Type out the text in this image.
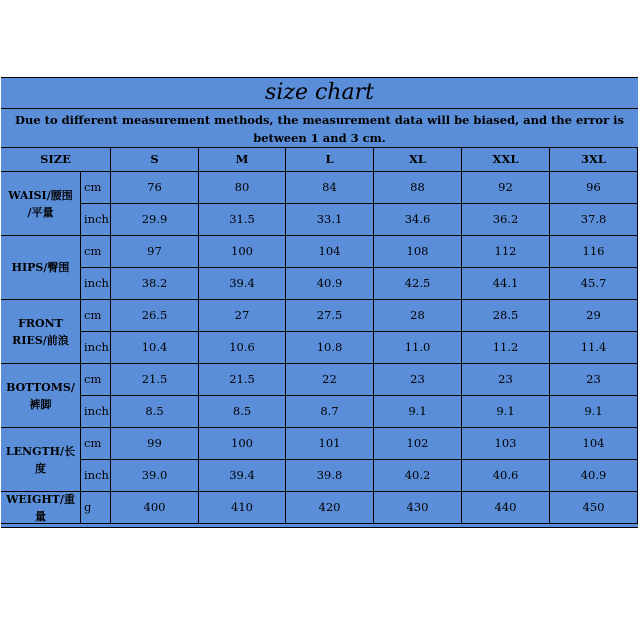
size chart
Due to different measurement methods, the measurement data will be biased, and the error is between 1 and 3 cm.
SIZE	S	M	L	XL	XXL	3XL
WAISI/腰围
/平量
cm	76	80	84	88	92	96
inch	29.9	31.5	33.1	34.6	36.2	37.8
HIPS/臀围
cm	97	100	104	108	112	116
inch	38.2	39.4	40.9	42.5	44.1	45.7
FRONT
RIES/前浪
cm	26.5	27	27.5	28	28.5	29
inch	10.4	10.6	10.8	11.0	11.2	11.4
BOTTOMS/
裤脚
cm	21.5	21.5	22	23	23	23
inch	8.5	8.5	8.7	9.1	9.1	9.1
LENGTH/长
度
cm	99	100	101	102	103	104
inch	39.0	39.4	39.8	40.2	40.6	40.9
WEIGHT/重
量
g	400	410	420	430	440	450
